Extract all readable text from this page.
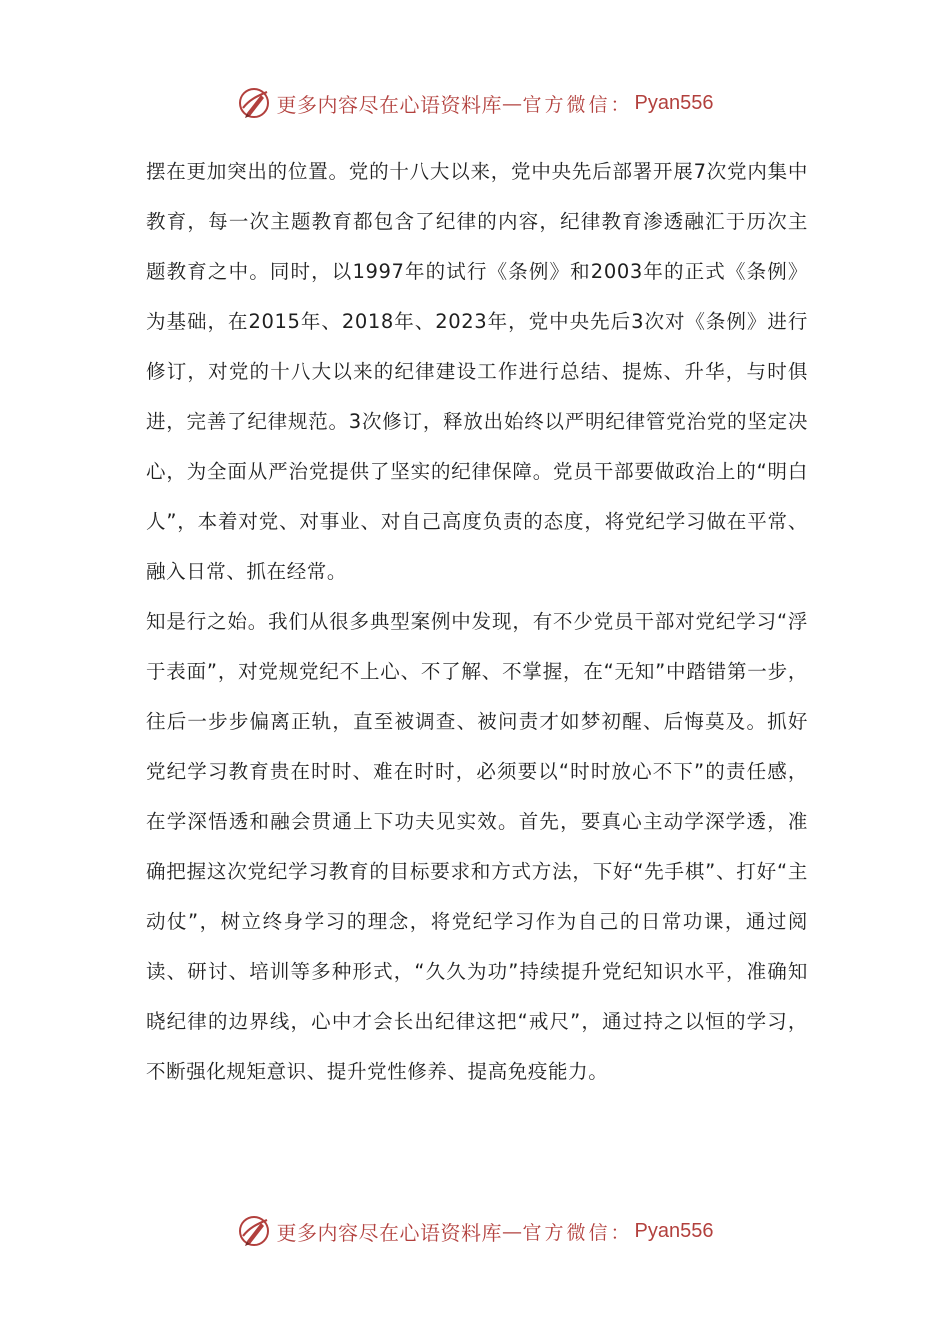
更多内容尽在心语资料库 — 官方微信： Pyan556

摆在更加突出的位置。党的十八大以来，党中央先后部署开展7次党内集中教育，每一次主题教育都包含了纪律的内容，纪律教育渗透融汇于历次主题教育之中。同时，以1997年的试行《条例》和2003年的正式《条例》为基础，在2015年、2018年、2023年，党中央先后3次对《条例》进行修订，对党的十八大以来的纪律建设工作进行总结、提炼、升华，与时俱进，完善了纪律规范。3次修订，释放出始终以严明纪律管党治党的坚定决心，为全面从严治党提供了坚实的纪律保障。党员干部要做政治上的“明白人”，本着对党、对事业、对自己高度负责的态度，将党纪学习做在平常、融入日常、抓在经常。

知是行之始。我们从很多典型案例中发现，有不少党员干部对党纪学习“浮于表面”，对党规党纪不上心、不了解、不掌握，在“无知”中踏错第一步，往后一步步偏离正轨，直至被调查、被问责才如梦初醒、后悔莫及。抓好党纪学习教育贵在时时、难在时时，必须要以“时时放心不下”的责任感，在学深悟透和融会贯通上下功夫见实效。首先，要真心主动学深学透，准确把握这次党纪学习教育的目标要求和方式方法，下好“先手棋”、打好“主动仗”，树立终身学习的理念，将党纪学习作为自己的日常功课，通过阅读、研讨、培训等多种形式，“久久为功”持续提升党纪知识水平，准确知晓纪律的边界线，心中才会长出纪律这把“戒尺”，通过持之以恒的学习，不断强化规矩意识、提升党性修养、提高免疫能力。

更多内容尽在心语资料库 — 官方微信： Pyan556
